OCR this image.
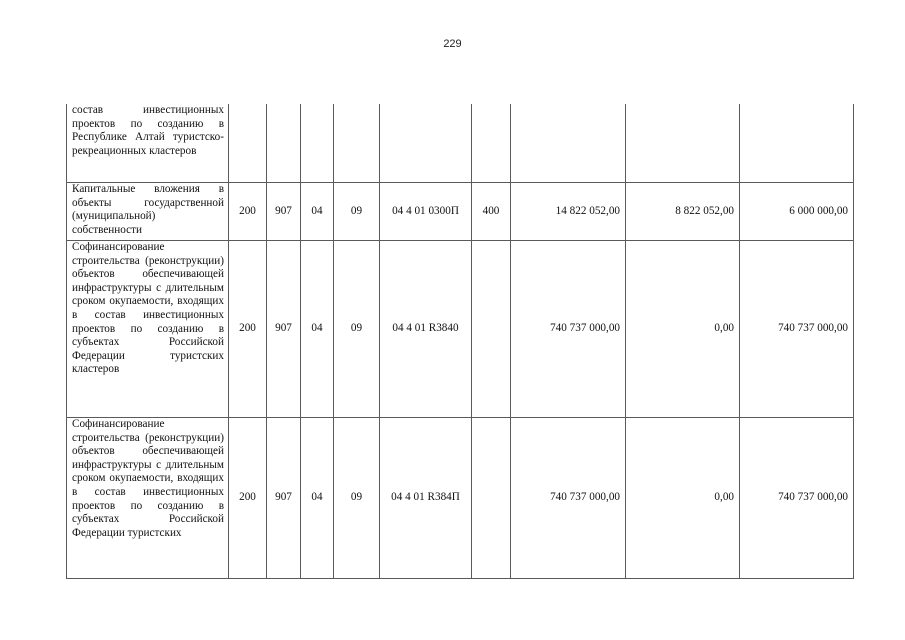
229
состав инвестиционных проектов по созданию в Республике Алтай туристско-рекреационных кластеров									
Капитальные вложения в объекты государственной (муниципальной) собственности	200	907	04	09	04 4 01 0300П	400	14 822 052,00	8 822 052,00	6 000 000,00
Софинансирование строительства (реконструкции) объектов обеспечивающей инфраструктуры с длительным сроком окупаемости, входящих в состав инвестиционных проектов по созданию в субъектах Российской Федерации туристских кластеров	200	907	04	09	04 4 01 R3840		740 737 000,00	0,00	740 737 000,00
Софинансирование строительства (реконструкции) объектов обеспечивающей инфраструктуры с длительным сроком окупаемости, входящих в состав инвестиционных проектов по созданию в субъектах Российской Федерации туристских	200	907	04	09	04 4 01 R384П		740 737 000,00	0,00	740 737 000,00
